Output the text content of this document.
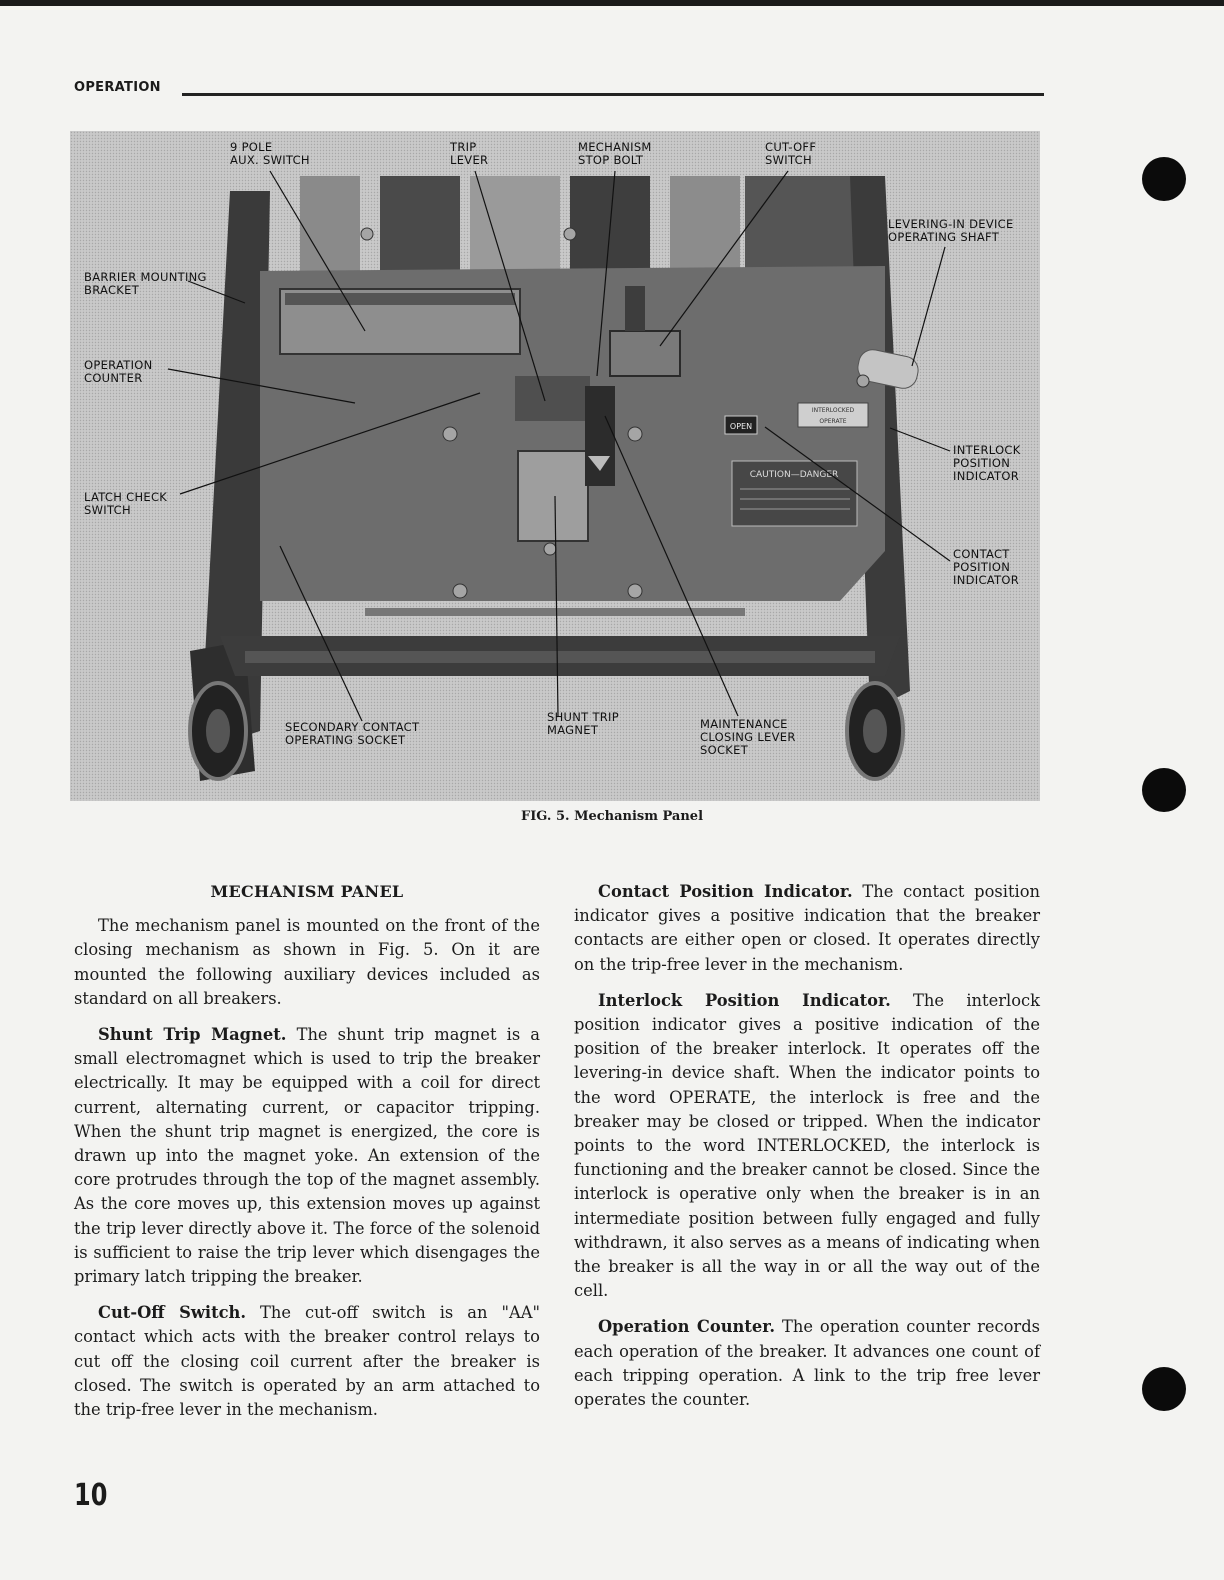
OPERATION
CAUTION—DANGER
OPEN
INTERLOCKED
OPERATE
9 POLE
AUX. SWITCH
TRIP
LEVER
MECHANISM
STOP BOLT
CUT-OFF
SWITCH
LEVERING-IN DEVICE
OPERATING SHAFT
BARRIER MOUNTING
BRACKET
OPERATION
COUNTER
LATCH CHECK
SWITCH
INTERLOCK
POSITION
INDICATOR
CONTACT
POSITION
INDICATOR
SECONDARY CONTACT
OPERATING SOCKET
SHUNT TRIP
MAGNET	MAINTENANCE
CLOSING LEVER
SOCKET
FIG. 5. Mechanism Panel
MECHANISM PANEL

The mechanism panel is mounted on the front of the closing mechanism as shown in Fig. 5. On it are mounted the following auxiliary devices included as standard on all breakers.

Shunt Trip Magnet. The shunt trip magnet is a small electromagnet which is used to trip the breaker electrically. It may be equipped with a coil for direct current, alternating current, or capacitor tripping. When the shunt trip magnet is energized, the core is drawn up into the magnet yoke. An extension of the core protrudes through the top of the magnet assembly. As the core moves up, this extension moves up against the trip lever directly above it. The force of the solenoid is sufficient to raise the trip lever which disengages the primary latch tripping the breaker.

Cut-Off Switch. The cut-off switch is an "AA" contact which acts with the breaker control relays to cut off the closing coil current after the breaker is closed. The switch is operated by an arm attached to the trip-free lever in the mechanism.

Contact Position Indicator. The contact position indicator gives a positive indication that the breaker contacts are either open or closed. It operates directly on the trip-free lever in the mechanism.

Interlock Position Indicator. The interlock position indicator gives a positive indication of the position of the breaker interlock. It operates off the levering-in device shaft. When the indicator points to the word OPERATE, the interlock is free and the breaker may be closed or tripped. When the indicator points to the word INTERLOCKED, the interlock is functioning and the breaker cannot be closed. Since the interlock is operative only when the breaker is in an intermediate position between fully engaged and fully withdrawn, it also serves as a means of indicating when the breaker is all the way in or all the way out of the cell.

Operation Counter. The operation counter records each operation of the breaker. It advances one count of each tripping operation. A link to the trip free lever operates the counter.

10
